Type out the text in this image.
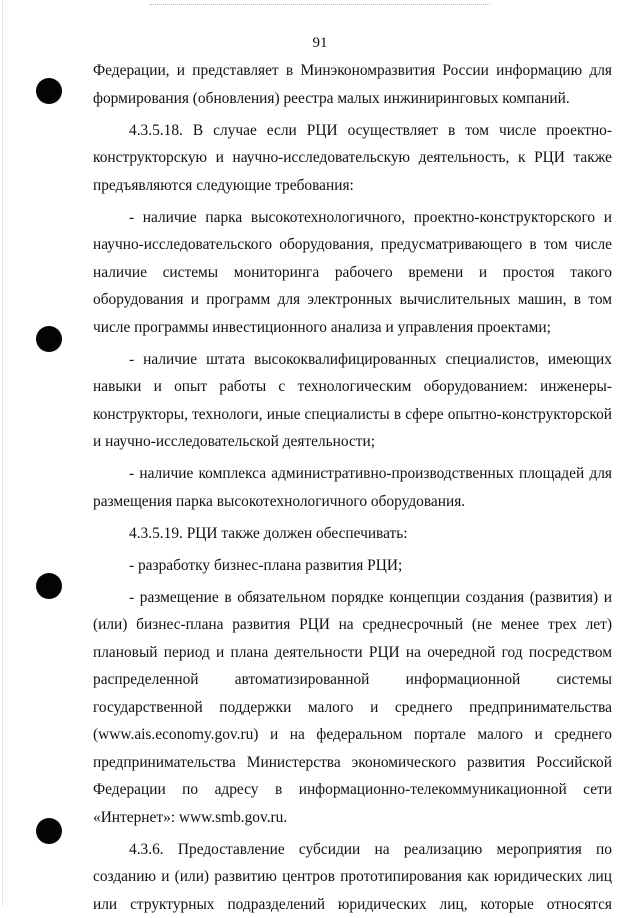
91

Федерации, и представляет в Минэкономразвития России информацию для формирования (обновления) реестра малых инжиниринговых компаний.

4.3.5.18. В случае если РЦИ осуществляет в том числе проектно-конструкторскую и научно-исследовательскую деятельность, к РЦИ также предъявляются следующие требования:

- наличие парка высокотехнологичного, проектно-конструкторского и научно-исследовательского оборудования, предусматривающего в том числе наличие системы мониторинга рабочего времени и простоя такого оборудования и программ для электронных вычислительных машин, в том числе программы инвестиционного анализа и управления проектами;

- наличие штата высококвалифицированных специалистов, имеющих навыки и опыт работы с технологическим оборудованием: инженеры-конструкторы, технологи, иные специалисты в сфере опытно-конструкторской и научно-исследовательской деятельности;

- наличие комплекса административно-производственных площадей для размещения парка высокотехнологичного оборудования.

4.3.5.19. РЦИ также должен обеспечивать:

- разработку бизнес-плана развития РЦИ;

- размещение в обязательном порядке концепции создания (развития) и (или) бизнес-плана развития РЦИ на среднесрочный (не менее трех лет) плановый период и плана деятельности РЦИ на очередной год посредством распределенной автоматизированной информационной системы государственной поддержки малого и среднего предпринимательства (www.ais.economy.gov.ru) и на федеральном портале малого и среднего предпринимательства Министерства экономического развития Российской Федерации по адресу в информационно-телекоммуникационной сети «Интернет»: www.smb.gov.ru.

4.3.6. Предоставление субсидии на реализацию мероприятия по созданию и (или) развитию центров прототипирования как юридических лиц или структурных подразделений юридических лиц, которые относятся
